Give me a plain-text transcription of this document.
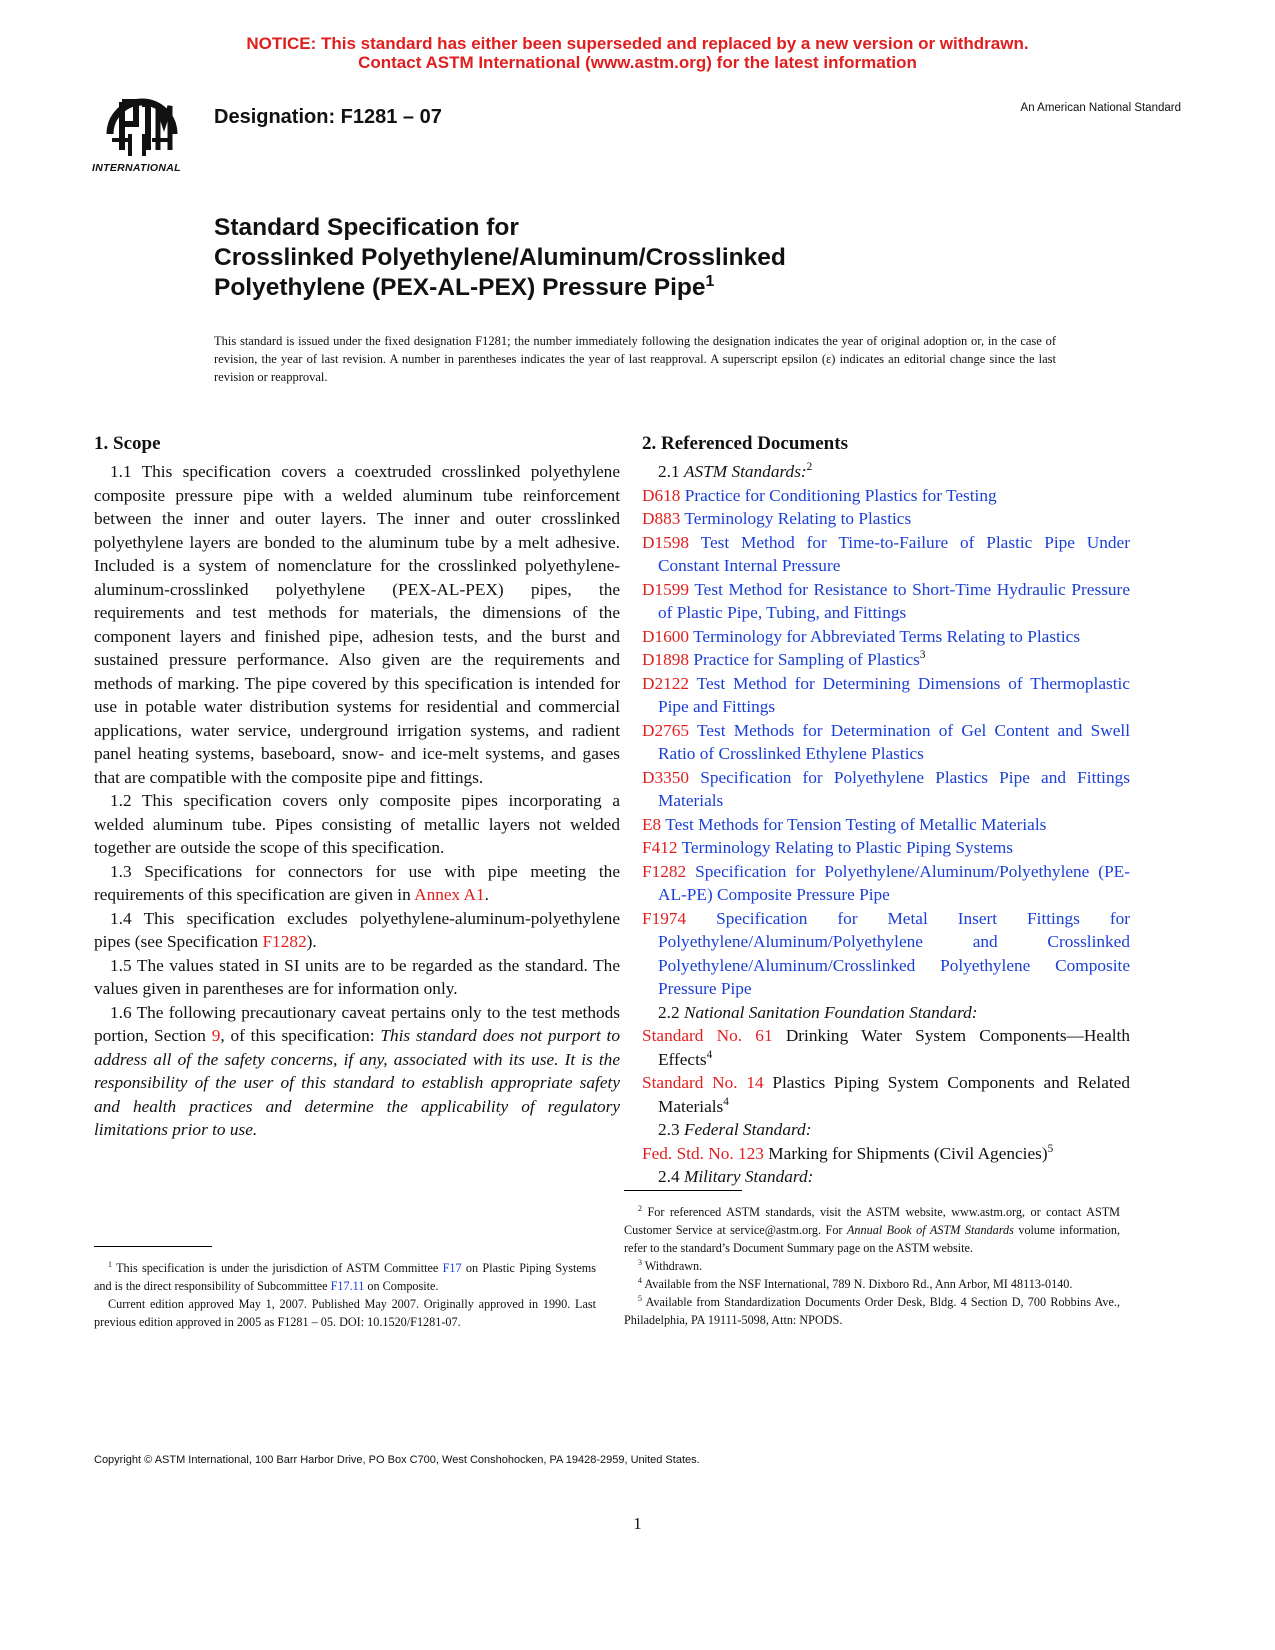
NOTICE: This standard has either been superseded and replaced by a new version or withdrawn.
Contact ASTM International (www.astm.org) for the latest information
INTERNATIONAL
Designation: F1281 – 07	An American National Standard
Standard Specification for
Crosslinked Polyethylene/Aluminum/Crosslinked
Polyethylene (PEX-AL-PEX) Pressure Pipe$^1$
This standard is issued under the fixed designation F1281; the number immediately following the designation indicates the year of original adoption or, in the case of revision, the year of last revision. A number in parentheses indicates the year of last reapproval. A superscript epsilon (ε) indicates an editorial change since the last revision or reapproval.
1. Scope

1.1 This specification covers a coextruded crosslinked polyethylene composite pressure pipe with a welded aluminum tube reinforcement between the inner and outer layers. The inner and outer crosslinked polyethylene layers are bonded to the aluminum tube by a melt adhesive. Included is a system of nomenclature for the crosslinked polyethylene-aluminum-crosslinked polyethylene (PEX-AL-PEX) pipes, the requirements and test methods for materials, the dimensions of the component layers and finished pipe, adhesion tests, and the burst and sustained pressure performance. Also given are the requirements and methods of marking. The pipe covered by this specification is intended for use in potable water distribution systems for residential and commercial applications, water service, underground irrigation systems, and radient panel heating systems, baseboard, snow- and ice-melt systems, and gases that are compatible with the composite pipe and fittings.

1.2 This specification covers only composite pipes incorporating a welded aluminum tube. Pipes consisting of metallic layers not welded together are outside the scope of this specification.

1.3 Specifications for connectors for use with pipe meeting the requirements of this specification are given in Annex A1.

1.4 This specification excludes polyethylene-aluminum-polyethylene pipes (see Specification F1282).

1.5 The values stated in SI units are to be regarded as the standard. The values given in parentheses are for information only.

1.6 The following precautionary caveat pertains only to the test methods portion, Section 9, of this specification: This standard does not purport to address all of the safety concerns, if any, associated with its use. It is the responsibility of the user of this standard to establish appropriate safety and health practices and determine the applicability of regulatory limitations prior to use.

$^1$ This specification is under the jurisdiction of ASTM Committee F17 on Plastic Piping Systems and is the direct responsibility of Subcommittee F17.11 on Composite.

Current edition approved May 1, 2007. Published May 2007. Originally approved in 1990. Last previous edition approved in 2005 as F1281 – 05. DOI: 10.1520/F1281-07.

2. Referenced Documents

2.1 ASTM Standards:$^2$

D618 Practice for Conditioning Plastics for Testing

D883 Terminology Relating to Plastics

D1598 Test Method for Time-to-Failure of Plastic Pipe Under Constant Internal Pressure

D1599 Test Method for Resistance to Short-Time Hydraulic Pressure of Plastic Pipe, Tubing, and Fittings

D1600 Terminology for Abbreviated Terms Relating to Plastics

D1898 Practice for Sampling of Plastics$^3$

D2122 Test Method for Determining Dimensions of Thermoplastic Pipe and Fittings

D2765 Test Methods for Determination of Gel Content and Swell Ratio of Crosslinked Ethylene Plastics

D3350 Specification for Polyethylene Plastics Pipe and Fittings Materials

E8 Test Methods for Tension Testing of Metallic Materials

F412 Terminology Relating to Plastic Piping Systems

F1282 Specification for Polyethylene/Aluminum/Polyethylene (PE-AL-PE) Composite Pressure Pipe

F1974 Specification for Metal Insert Fittings for Polyethylene/Aluminum/Polyethylene and Crosslinked Polyethylene/Aluminum/Crosslinked Polyethylene Composite Pressure Pipe

2.2 National Sanitation Foundation Standard:

Standard No. 61 Drinking Water System Components—Health Effects$^4$

Standard No. 14 Plastics Piping System Components and Related Materials$^4$

2.3 Federal Standard:

Fed. Std. No. 123 Marking for Shipments (Civil Agencies)$^5$

2.4 Military Standard:

$^2$ For referenced ASTM standards, visit the ASTM website, www.astm.org, or contact ASTM Customer Service at service@astm.org. For Annual Book of ASTM Standards volume information, refer to the standard’s Document Summary page on the ASTM website.

$^3$ Withdrawn.

$^4$ Available from the NSF International, 789 N. Dixboro Rd., Ann Arbor, MI 48113-0140.

$^5$ Available from Standardization Documents Order Desk, Bldg. 4 Section D, 700 Robbins Ave., Philadelphia, PA 19111-5098, Attn: NPODS.

Copyright © ASTM International, 100 Barr Harbor Drive, PO Box C700, West Conshohocken, PA 19428-2959, United States.
1
